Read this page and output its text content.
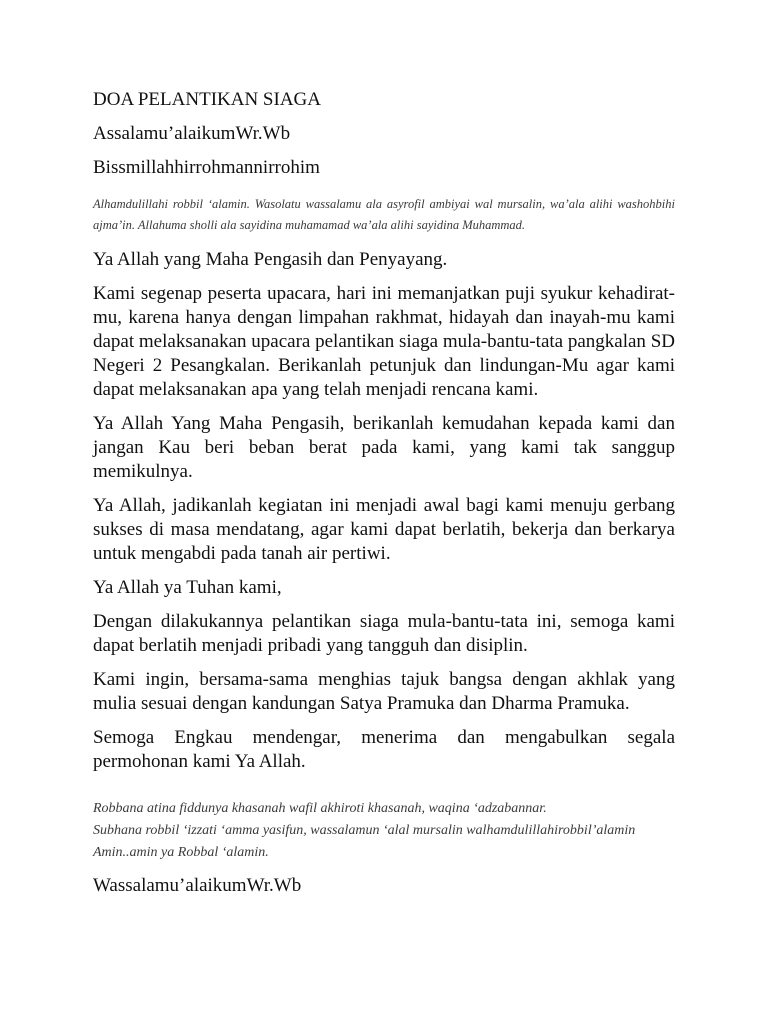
DOA PELANTIKAN SIAGA

Assalamu’alaikumWr.Wb

Bissmillahhirrohmannirrohim

Alhamdulillahi robbil ‘alamin. Wasolatu wassalamu ala asyrofil ambiyai wal mursalin, wa’ala alihi washohbihi ajma’in. Allahuma sholli ala sayidina muhamamad wa’ala alihi sayidina Muhammad.

Ya Allah yang Maha Pengasih dan Penyayang.

Kami segenap peserta upacara, hari ini memanjatkan puji syukur kehadirat-mu, karena hanya dengan limpahan rakhmat, hidayah dan inayah-mu kami dapat melaksanakan upacara pelantikan siaga mula-bantu-tata pangkalan SD Negeri 2 Pesangkalan. Berikanlah petunjuk dan lindungan-Mu agar kami dapat melaksanakan apa yang telah menjadi rencana kami.

Ya Allah Yang Maha Pengasih, berikanlah kemudahan kepada kami dan jangan Kau beri beban berat pada kami, yang kami tak sanggup memikulnya.

Ya Allah, jadikanlah kegiatan ini menjadi awal bagi kami menuju gerbang sukses di masa mendatang, agar kami dapat berlatih, bekerja dan berkarya untuk mengabdi pada tanah air pertiwi.

Ya Allah ya Tuhan kami,

Dengan dilakukannya pelantikan siaga mula-bantu-tata ini, semoga kami dapat berlatih menjadi pribadi yang tangguh dan disiplin.

Kami ingin, bersama-sama menghias tajuk bangsa dengan akhlak yang mulia sesuai dengan kandungan Satya Pramuka dan Dharma Pramuka.

Semoga Engkau mendengar, menerima dan mengabulkan segala permohonan kami Ya Allah.

Robbana atina fiddunya khasanah wafil akhiroti khasanah, waqina ‘adzabannar.
Subhana robbil ‘izzati ‘amma yasifun, wassalamun ‘alal mursalin walhamdulillahirobbil’alamin
Amin..amin ya Robbal ‘alamin.

Wassalamu’alaikumWr.Wb
